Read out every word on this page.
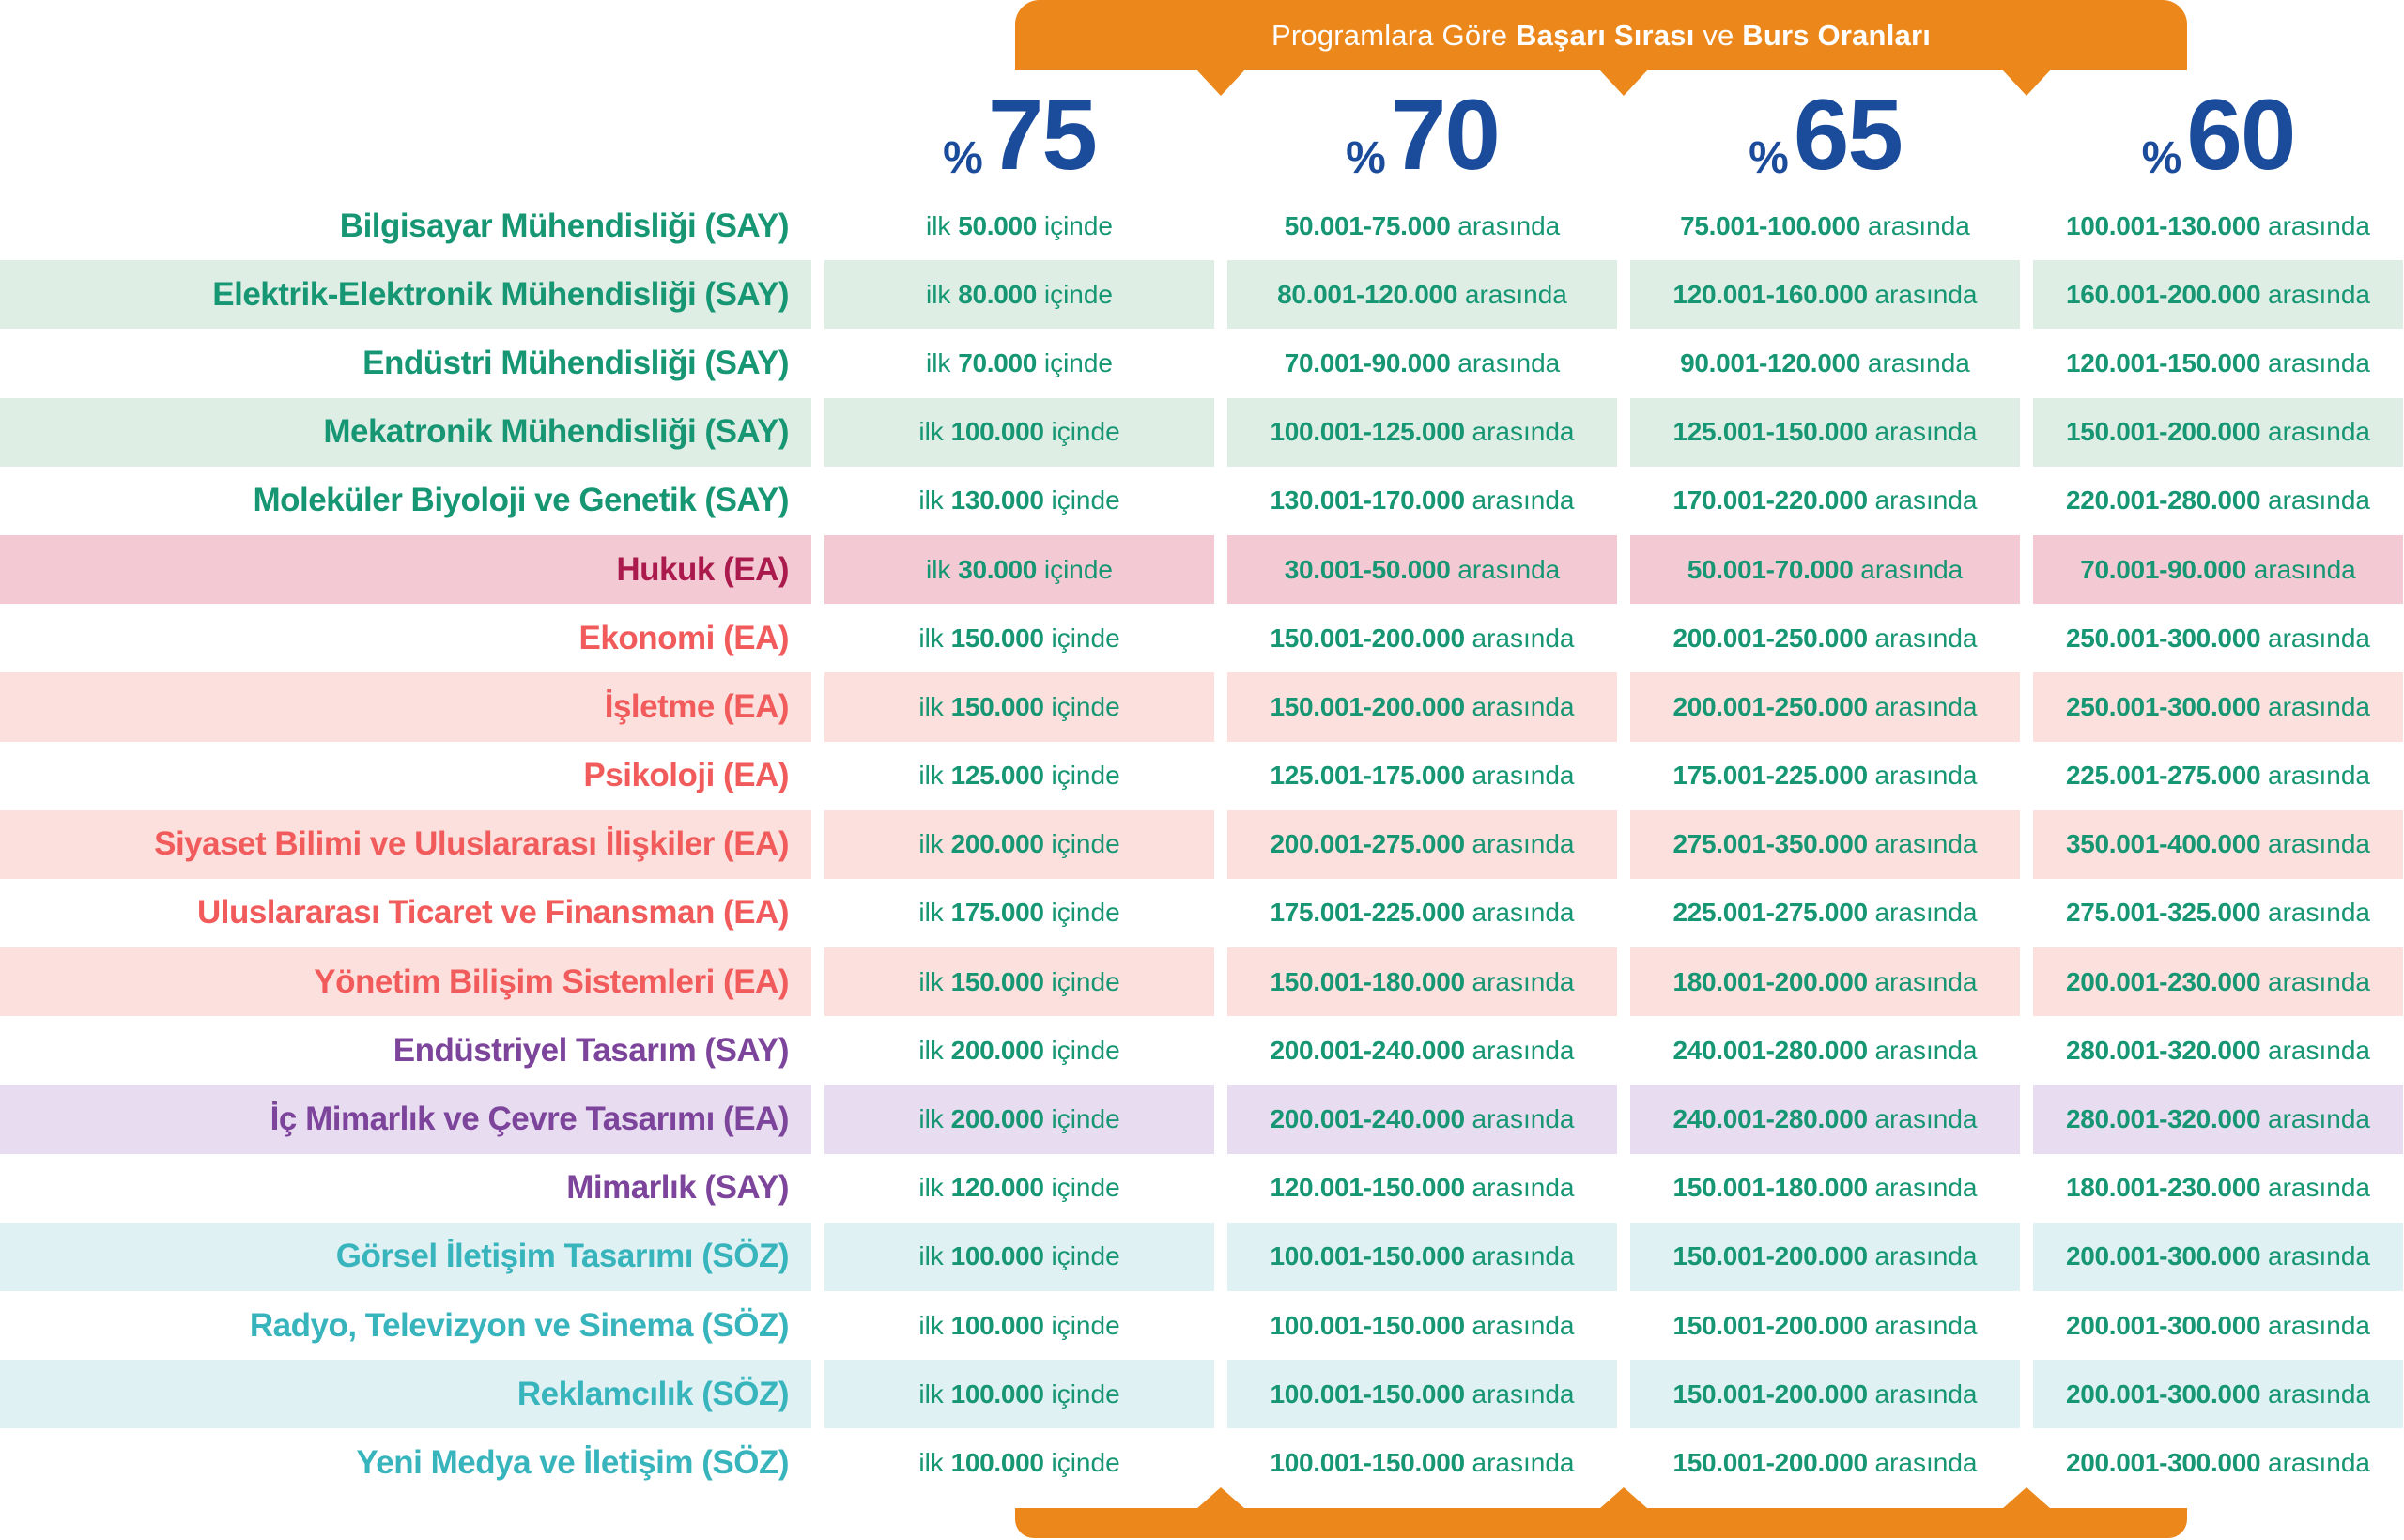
Programlara Göre Başarı Sırası ve Burs Oranları
% 75	% 70	% 65	% 60
Bilgisayar Mühendisliği (SAY)	ilk 50.000 içinde	50.001-75.000 arasında	75.001-100.000 arasında	100.001-130.000 arasında
Elektrik-Elektronik Mühendisliği (SAY)	ilk 80.000 içinde	80.001-120.000 arasında	120.001-160.000 arasında	160.001-200.000 arasında
Endüstri Mühendisliği (SAY)	ilk 70.000 içinde	70.001-90.000 arasında	90.001-120.000 arasında	120.001-150.000 arasında
Mekatronik Mühendisliği (SAY)	ilk 100.000 içinde	100.001-125.000 arasında	125.001-150.000 arasında	150.001-200.000 arasında
Moleküler Biyoloji ve Genetik (SAY)	ilk 130.000 içinde	130.001-170.000 arasında	170.001-220.000 arasında	220.001-280.000 arasında
Hukuk (EA)	ilk 30.000 içinde	30.001-50.000 arasında	50.001-70.000 arasında	70.001-90.000 arasında
Ekonomi (EA)	ilk 150.000 içinde	150.001-200.000 arasında	200.001-250.000 arasında	250.001-300.000 arasında
İşletme (EA)	ilk 150.000 içinde	150.001-200.000 arasında	200.001-250.000 arasında	250.001-300.000 arasında
Psikoloji (EA)	ilk 125.000 içinde	125.001-175.000 arasında	175.001-225.000 arasında	225.001-275.000 arasında
Siyaset Bilimi ve Uluslararası İlişkiler (EA)	ilk 200.000 içinde	200.001-275.000 arasında	275.001-350.000 arasında	350.001-400.000 arasında
Uluslararası Ticaret ve Finansman (EA)	ilk 175.000 içinde	175.001-225.000 arasında	225.001-275.000 arasında	275.001-325.000 arasında
Yönetim Bilişim Sistemleri (EA)	ilk 150.000 içinde	150.001-180.000 arasında	180.001-200.000 arasında	200.001-230.000 arasında
Endüstriyel Tasarım (SAY)	ilk 200.000 içinde	200.001-240.000 arasında	240.001-280.000 arasında	280.001-320.000 arasında
İç Mimarlık ve Çevre Tasarımı (EA)	ilk 200.000 içinde	200.001-240.000 arasında	240.001-280.000 arasında	280.001-320.000 arasında
Mimarlık (SAY)	ilk 120.000 içinde	120.001-150.000 arasında	150.001-180.000 arasında	180.001-230.000 arasında
Görsel İletişim Tasarımı (SÖZ)	ilk 100.000 içinde	100.001-150.000 arasında	150.001-200.000 arasında	200.001-300.000 arasında
Radyo, Televizyon ve Sinema (SÖZ)	ilk 100.000 içinde	100.001-150.000 arasında	150.001-200.000 arasında	200.001-300.000 arasında
Reklamcılık (SÖZ)	ilk 100.000 içinde	100.001-150.000 arasında	150.001-200.000 arasında	200.001-300.000 arasında
Yeni Medya ve İletişim (SÖZ)	ilk 100.000 içinde	100.001-150.000 arasında	150.001-200.000 arasında	200.001-300.000 arasında
